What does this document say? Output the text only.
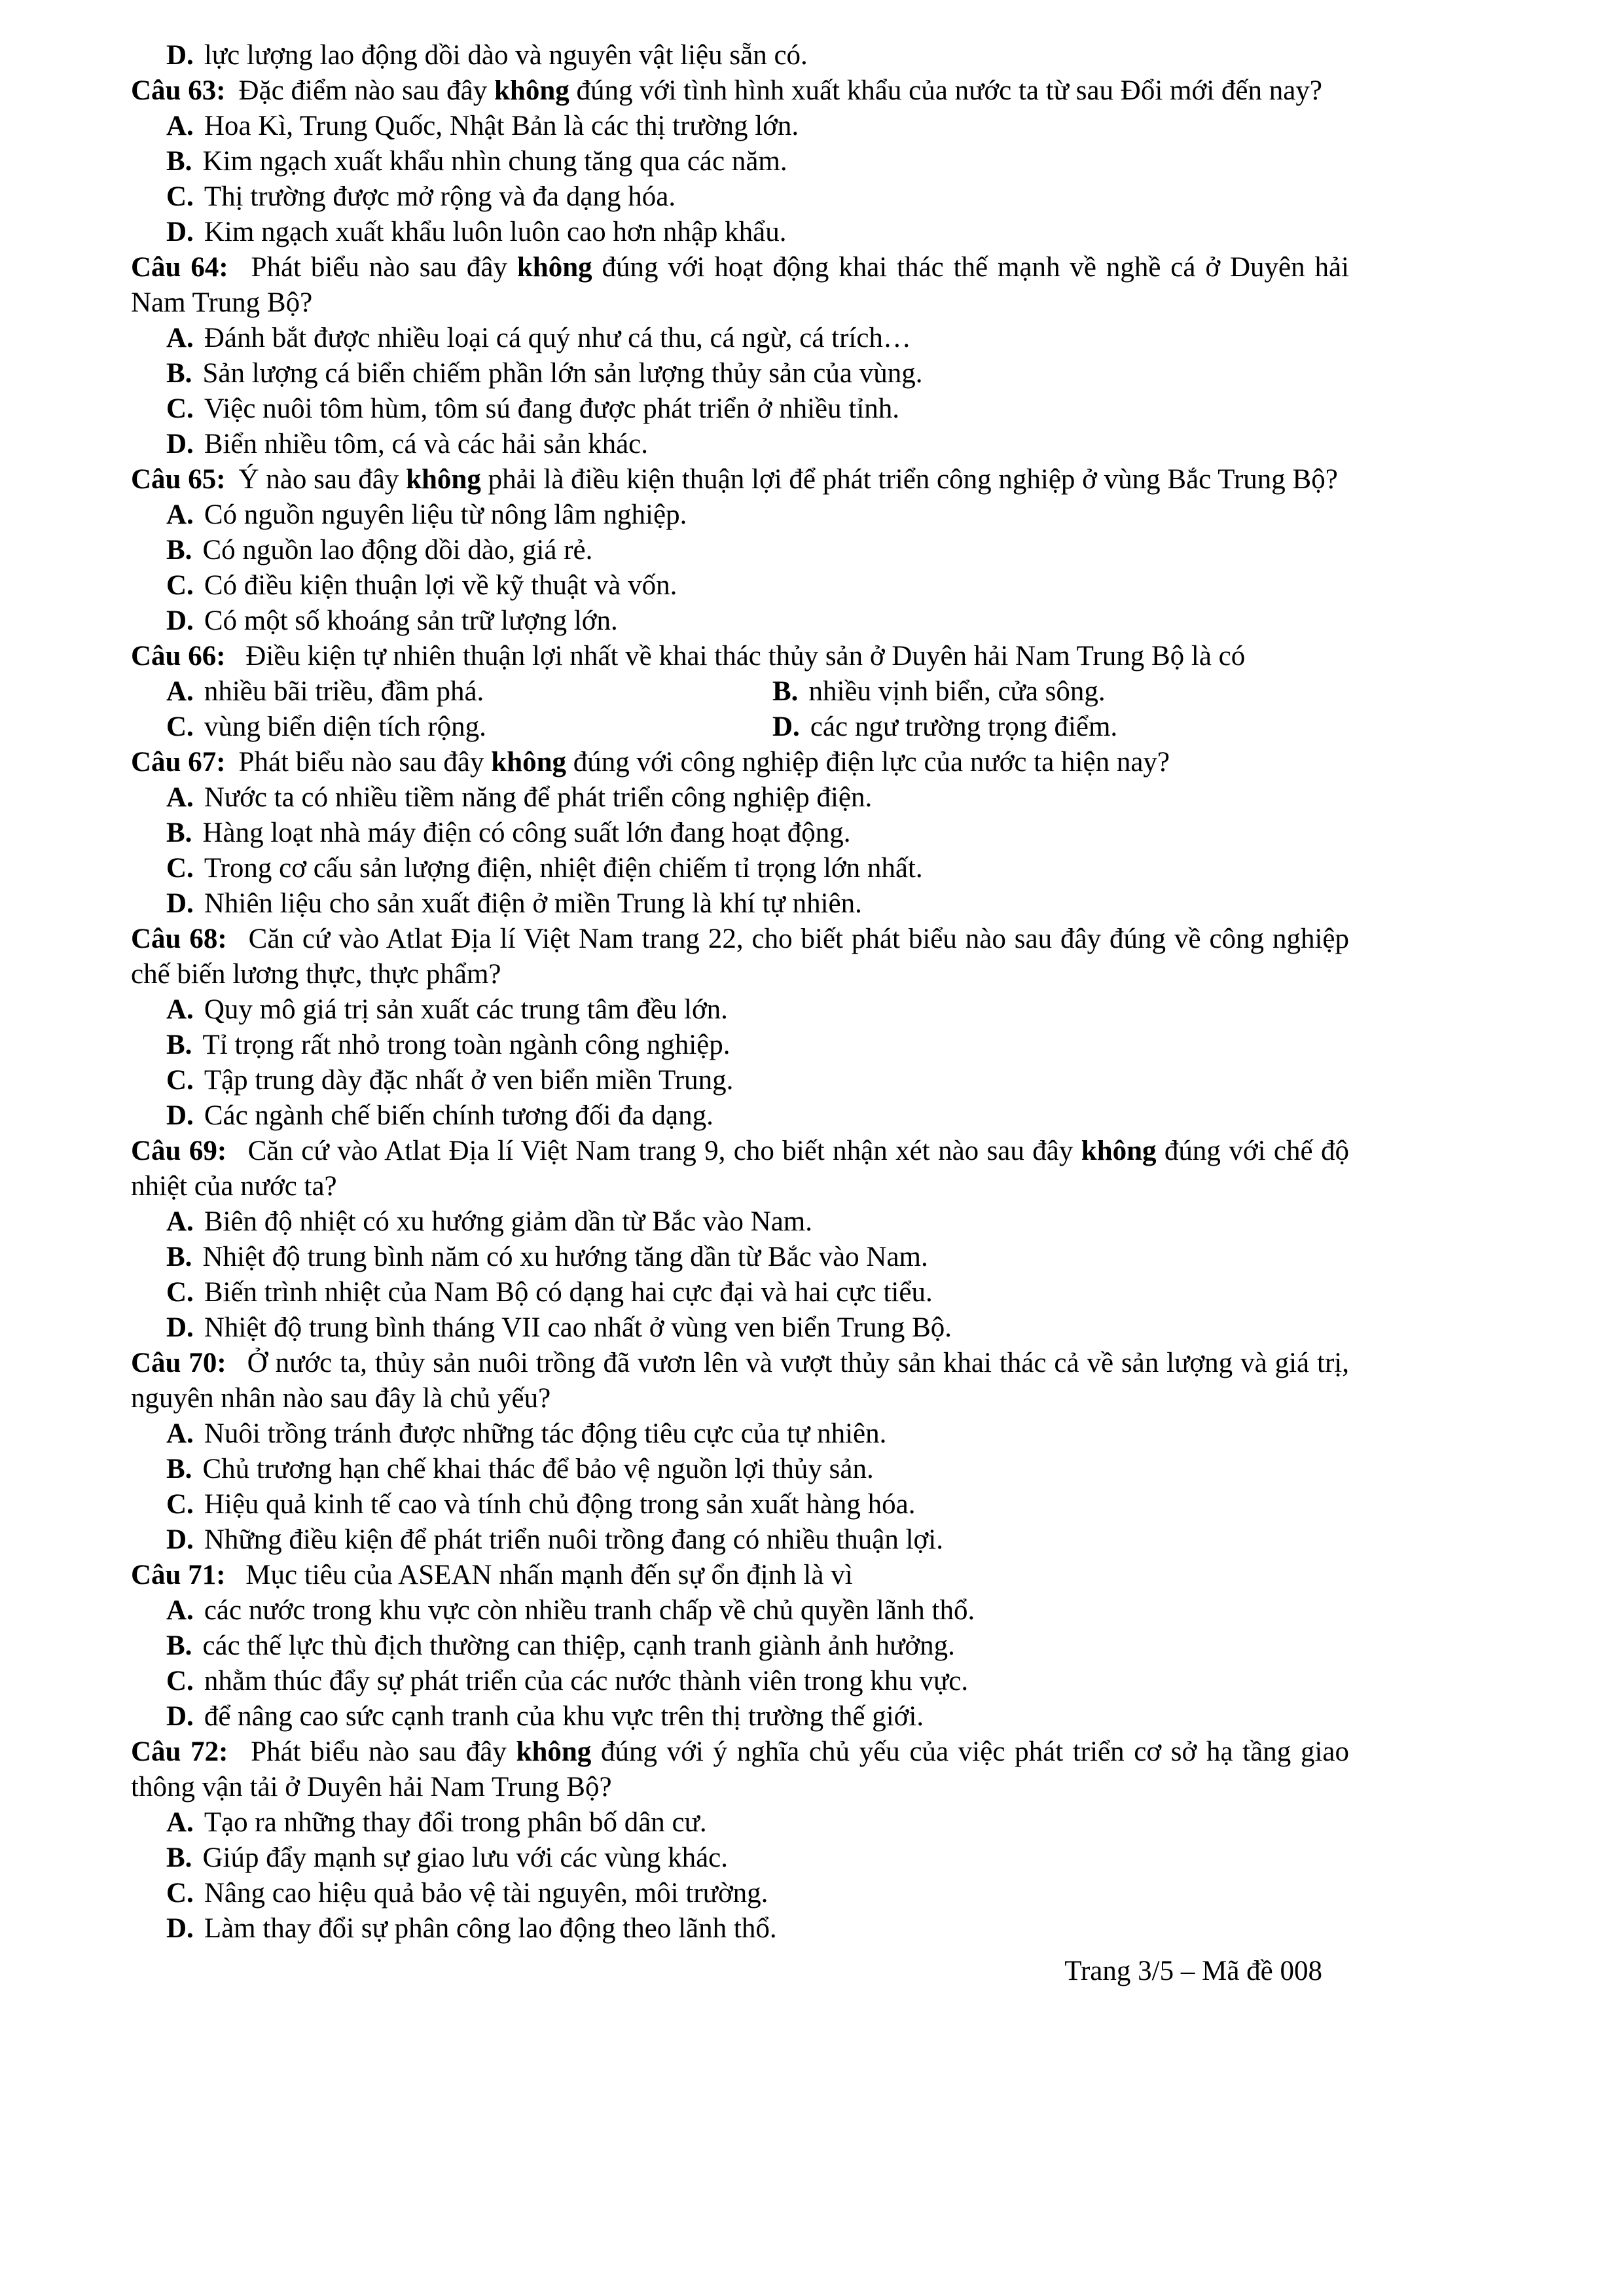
D. lực lượng lao động dồi dào và nguyên vật liệu sẵn có.

Câu 63: Đặc điểm nào sau đây không đúng với tình hình xuất khẩu của nước ta từ sau Đổi mới đến nay?

A. Hoa Kì, Trung Quốc, Nhật Bản là các thị trường lớn.
B. Kim ngạch xuất khẩu nhìn chung tăng qua các năm.
C. Thị trường được mở rộng và đa dạng hóa.
D. Kim ngạch xuất khẩu luôn luôn cao hơn nhập khẩu.

Câu 64: Phát biểu nào sau đây không đúng với hoạt động khai thác thế mạnh về nghề cá ở Duyên hải Nam Trung Bộ?

A. Đánh bắt được nhiều loại cá quý như cá thu, cá ngừ, cá trích…
B. Sản lượng cá biển chiếm phần lớn sản lượng thủy sản của vùng.
C. Việc nuôi tôm hùm, tôm sú đang được phát triển ở nhiều tỉnh.
D. Biển nhiều tôm, cá và các hải sản khác.

Câu 65: Ý nào sau đây không phải là điều kiện thuận lợi để phát triển công nghiệp ở vùng Bắc Trung Bộ?

A. Có nguồn nguyên liệu từ nông lâm nghiệp.
B. Có nguồn lao động dồi dào, giá rẻ.
C. Có điều kiện thuận lợi về kỹ thuật và vốn.
D. Có một số khoáng sản trữ lượng lớn.

Câu 66: Điều kiện tự nhiên thuận lợi nhất về khai thác thủy sản ở Duyên hải Nam Trung Bộ là có

A. nhiều bãi triều, đầm phá.	B. nhiều vịnh biển, cửa sông.
C. vùng biển diện tích rộng.	D. các ngư trường trọng điểm.

Câu 67: Phát biểu nào sau đây không đúng với công nghiệp điện lực của nước ta hiện nay?

A. Nước ta có nhiều tiềm năng để phát triển công nghiệp điện.
B. Hàng loạt nhà máy điện có công suất lớn đang hoạt động.
C. Trong cơ cấu sản lượng điện, nhiệt điện chiếm tỉ trọng lớn nhất.
D. Nhiên liệu cho sản xuất điện ở miền Trung là khí tự nhiên.

Câu 68: Căn cứ vào Atlat Địa lí Việt Nam trang 22, cho biết phát biểu nào sau đây đúng về công nghiệp chế biến lương thực, thực phẩm?

A. Quy mô giá trị sản xuất các trung tâm đều lớn.
B. Tỉ trọng rất nhỏ trong toàn ngành công nghiệp.
C. Tập trung dày đặc nhất ở ven biển miền Trung.
D. Các ngành chế biến chính tương đối đa dạng.

Câu 69: Căn cứ vào Atlat Địa lí Việt Nam trang 9, cho biết nhận xét nào sau đây không đúng với chế độ nhiệt của nước ta?

A. Biên độ nhiệt có xu hướng giảm dần từ Bắc vào Nam.
B. Nhiệt độ trung bình năm có xu hướng tăng dần từ Bắc vào Nam.
C. Biến trình nhiệt của Nam Bộ có dạng hai cực đại và hai cực tiểu.
D. Nhiệt độ trung bình tháng VII cao nhất ở vùng ven biển Trung Bộ.

Câu 70: Ở nước ta, thủy sản nuôi trồng đã vươn lên và vượt thủy sản khai thác cả về sản lượng và giá trị, nguyên nhân nào sau đây là chủ yếu?

A. Nuôi trồng tránh được những tác động tiêu cực của tự nhiên.
B. Chủ trương hạn chế khai thác để bảo vệ nguồn lợi thủy sản.
C. Hiệu quả kinh tế cao và tính chủ động trong sản xuất hàng hóa.
D. Những điều kiện để phát triển nuôi trồng đang có nhiều thuận lợi.

Câu 71: Mục tiêu của ASEAN nhấn mạnh đến sự ổn định là vì

A. các nước trong khu vực còn nhiều tranh chấp về chủ quyền lãnh thổ.
B. các thế lực thù địch thường can thiệp, cạnh tranh giành ảnh hưởng.
C. nhằm thúc đẩy sự phát triển của các nước thành viên trong khu vực.
D. để nâng cao sức cạnh tranh của khu vực trên thị trường thế giới.

Câu 72: Phát biểu nào sau đây không đúng với ý nghĩa chủ yếu của việc phát triển cơ sở hạ tầng giao thông vận tải ở Duyên hải Nam Trung Bộ?

A. Tạo ra những thay đổi trong phân bố dân cư.
B. Giúp đẩy mạnh sự giao lưu với các vùng khác.
C. Nâng cao hiệu quả bảo vệ tài nguyên, môi trường.
D. Làm thay đổi sự phân công lao động theo lãnh thổ.
Trang 3/5 – Mã đề 008
